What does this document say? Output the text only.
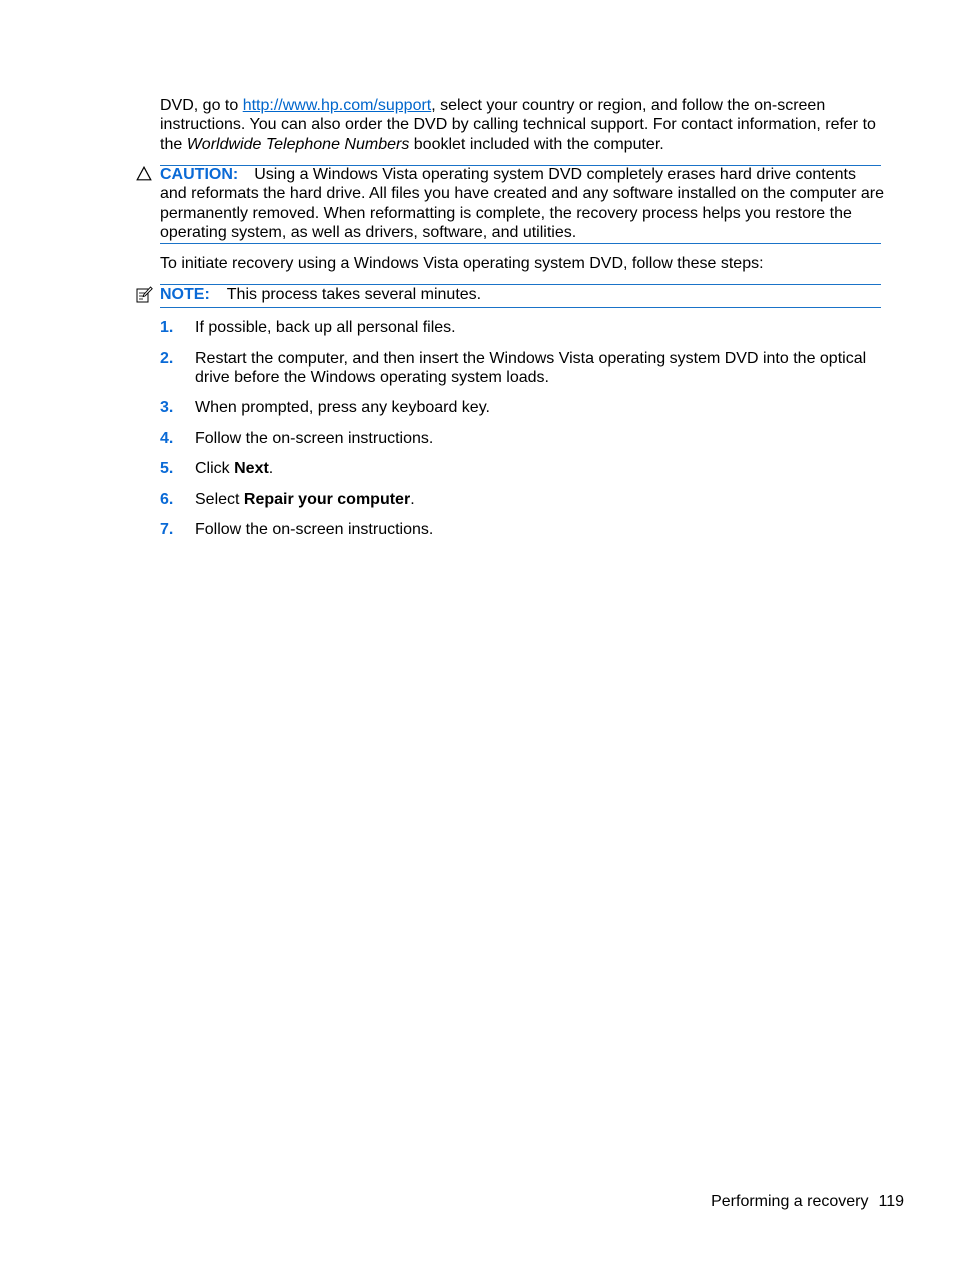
DVD, go to http://www.hp.com/support, select your country or region, and follow the on-screen instructions. You can also order the DVD by calling technical support. For contact information, refer to the Worldwide Telephone Numbers booklet included with the computer.

CAUTION: Using a Windows Vista operating system DVD completely erases hard drive contents and reformats the hard drive. All files you have created and any software installed on the computer are permanently removed. When reformatting is complete, the recovery process helps you restore the operating system, as well as drivers, software, and utilities.

To initiate recovery using a Windows Vista operating system DVD, follow these steps:

NOTE: This process takes several minutes.

1. If possible, back up all personal files.
2. Restart the computer, and then insert the Windows Vista operating system DVD into the optical drive before the Windows operating system loads.
3. When prompted, press any keyboard key.
4. Follow the on-screen instructions.
5. Click Next.
6. Select Repair your computer.
7. Follow the on-screen instructions.
Performing a recovery 119
